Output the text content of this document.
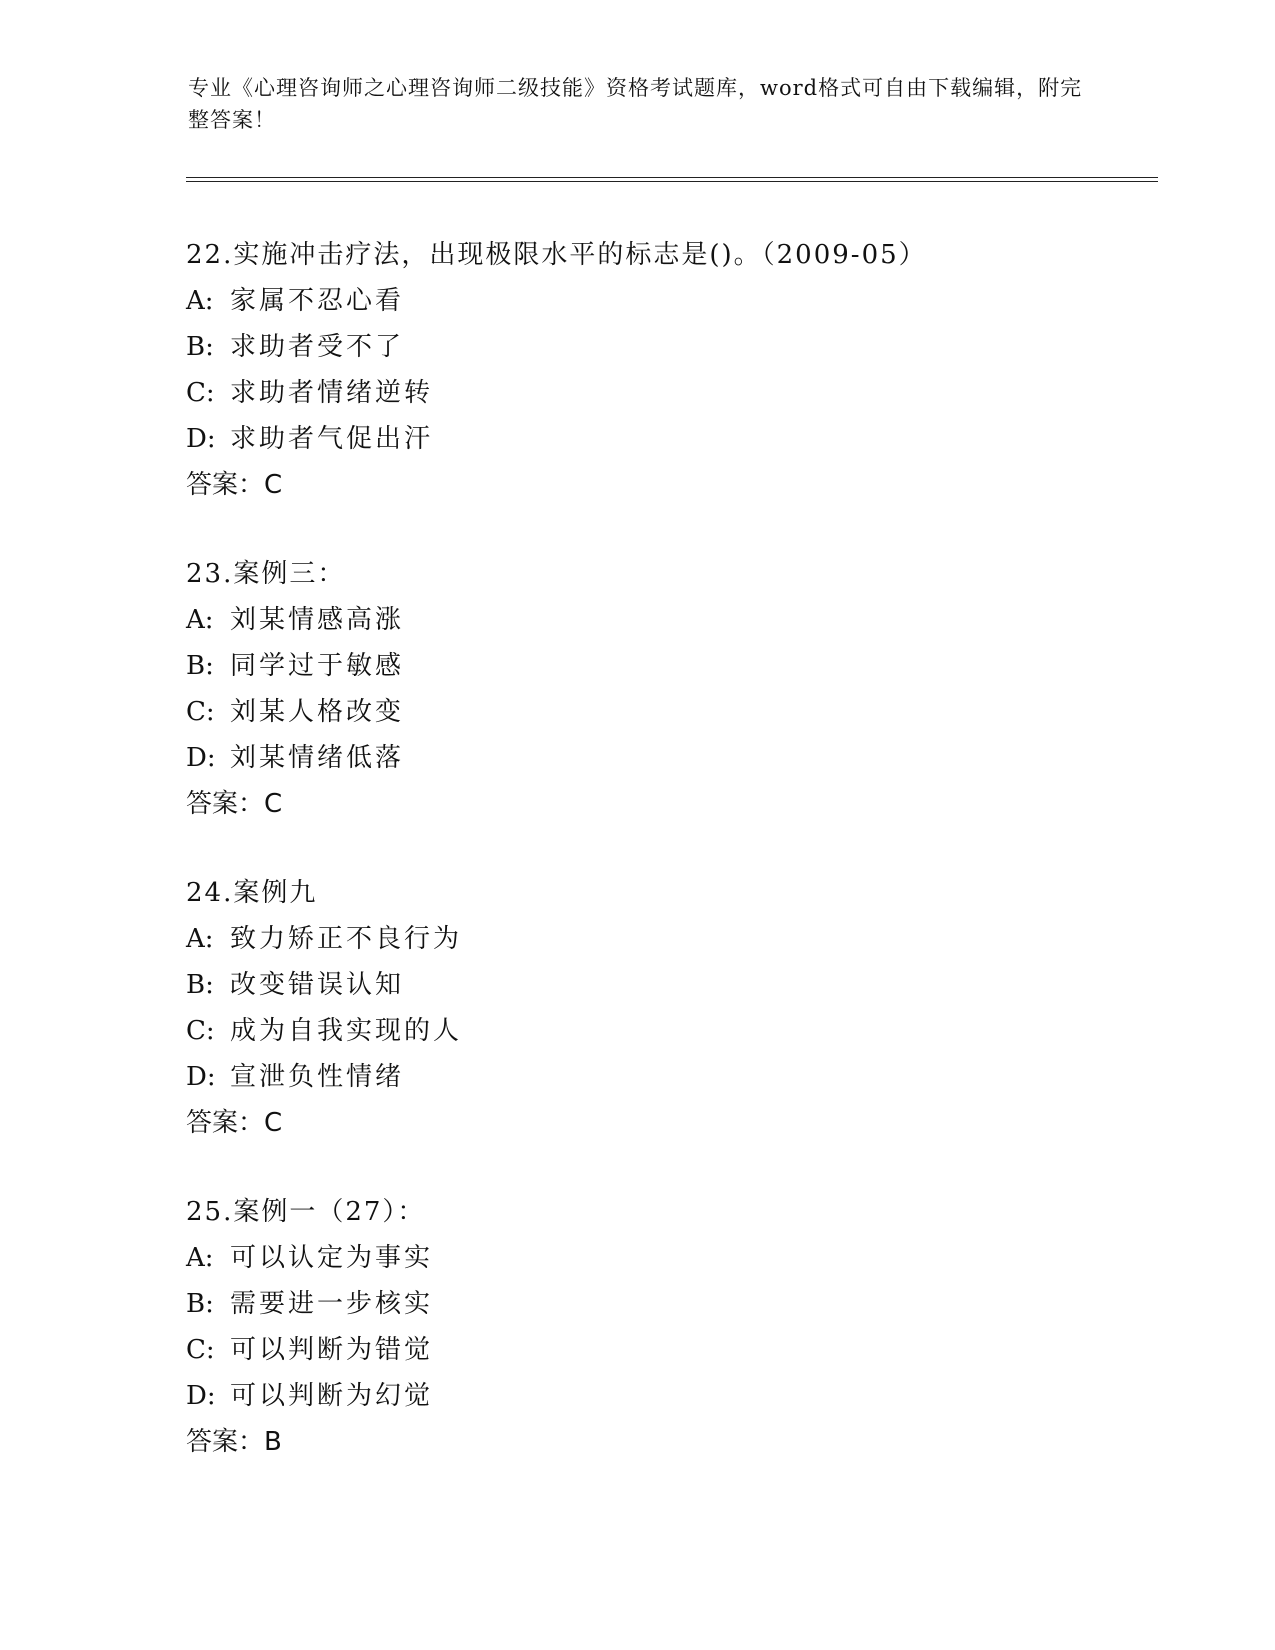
专业《心理咨询师之心理咨询师二级技能》资格考试题库，word格式可自由下载编辑，附完整答案！
22.实施冲击疗法，出现极限水平的标志是()。（2009-05）
A: 家属不忍心看
B: 求助者受不了
C: 求助者情绪逆转
D: 求助者气促出汗
答案：C
23.案例三：
A: 刘某情感高涨
B: 同学过于敏感
C: 刘某人格改变
D: 刘某情绪低落
答案：C
24.案例九
A: 致力矫正不良行为
B: 改变错误认知
C: 成为自我实现的人
D: 宣泄负性情绪
答案：C
25.案例一（27）：
A: 可以认定为事实
B: 需要进一步核实
C: 可以判断为错觉
D: 可以判断为幻觉
答案：B
